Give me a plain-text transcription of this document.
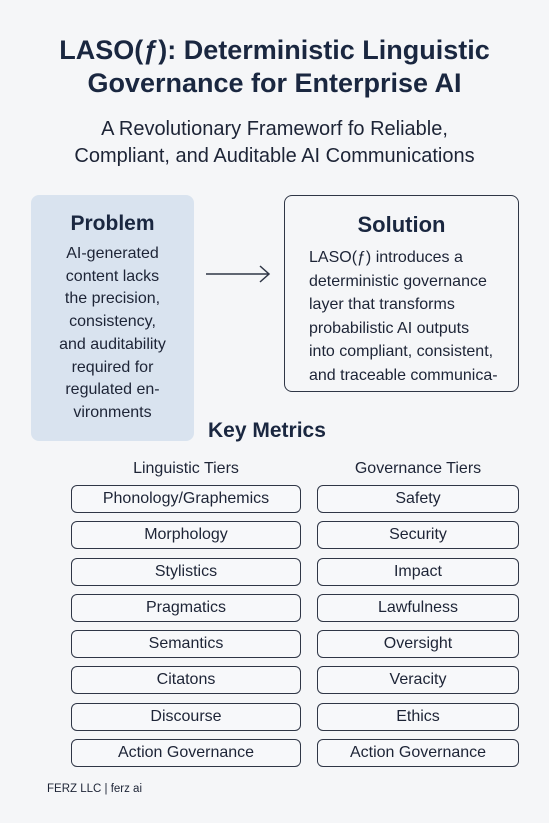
LASO(ƒ): Deterministic Linguistic
Governance for Enterprise AI
A Revolutionary Frameworf fo Reliable,
Compliant, and Auditable AI Communications
Problem
AI-generated
content lacks
the precision,
consistency,
and auditability
required for
regulated en-
vironments
Solution
LASO(ƒ) introduces a
deterministic governance
layer that transforms
probabilistic AI outputs
into compliant, consistent,
and traceable communica-
Key Metrics
Linguistic Tiers	Governance Tiers
Phonology/Graphemics
Morphology
Stylistics
Pragmatics
Semantics
Citatons
Discourse
Action Governance
Safety
Security
Impact
Lawfulness
Oversight
Veracity
Ethics
Action Governance
FERZ LLC | ferz ai
